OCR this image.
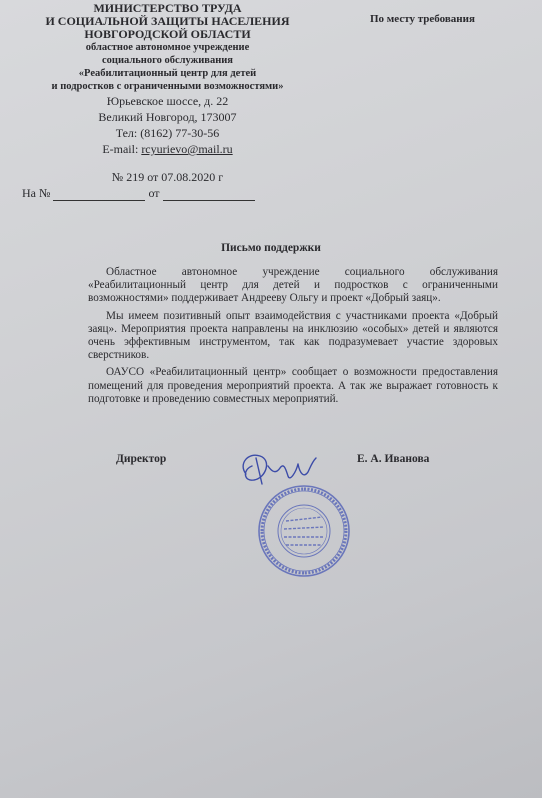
МИНИСТЕРСТВО ТРУДА
И СОЦИАЛЬНОЙ ЗАЩИТЫ НАСЕЛЕНИЯ
НОВГОРОДСКОЙ ОБЛАСТИ
областное автономное учреждение
социального обслуживания
«Реабилитационный центр для детей
и подростков с ограниченными возможностями»
Юрьевское шоссе, д. 22
Великий Новгород, 173007
Тел: (8162) 77-30-56
E-mail: rcyurievo@mail.ru
По месту требования
№ 219 от 07.08.2020 г
На №	от
Письмо поддержки

Областное автономное учреждение социального обслуживания «Реабилитационный центр для детей и подростков с ограниченными возможностями» поддерживает Андрееву Ольгу и проект «Добрый заяц».

Мы имеем позитивный опыт взаимодействия с участниками проекта «Добрый заяц». Мероприятия проекта направлены на инклюзию «особых» детей и являются очень эффективным инструментом, так как подразумевает участие здоровых сверстников.

ОАУСО «Реабилитационный центр» сообщает о возможности предоставления помещений для проведения мероприятий проекта. А так же выражает готовность к подготовке и проведению совместных мероприятий.

Директор	Е. А. Иванова
